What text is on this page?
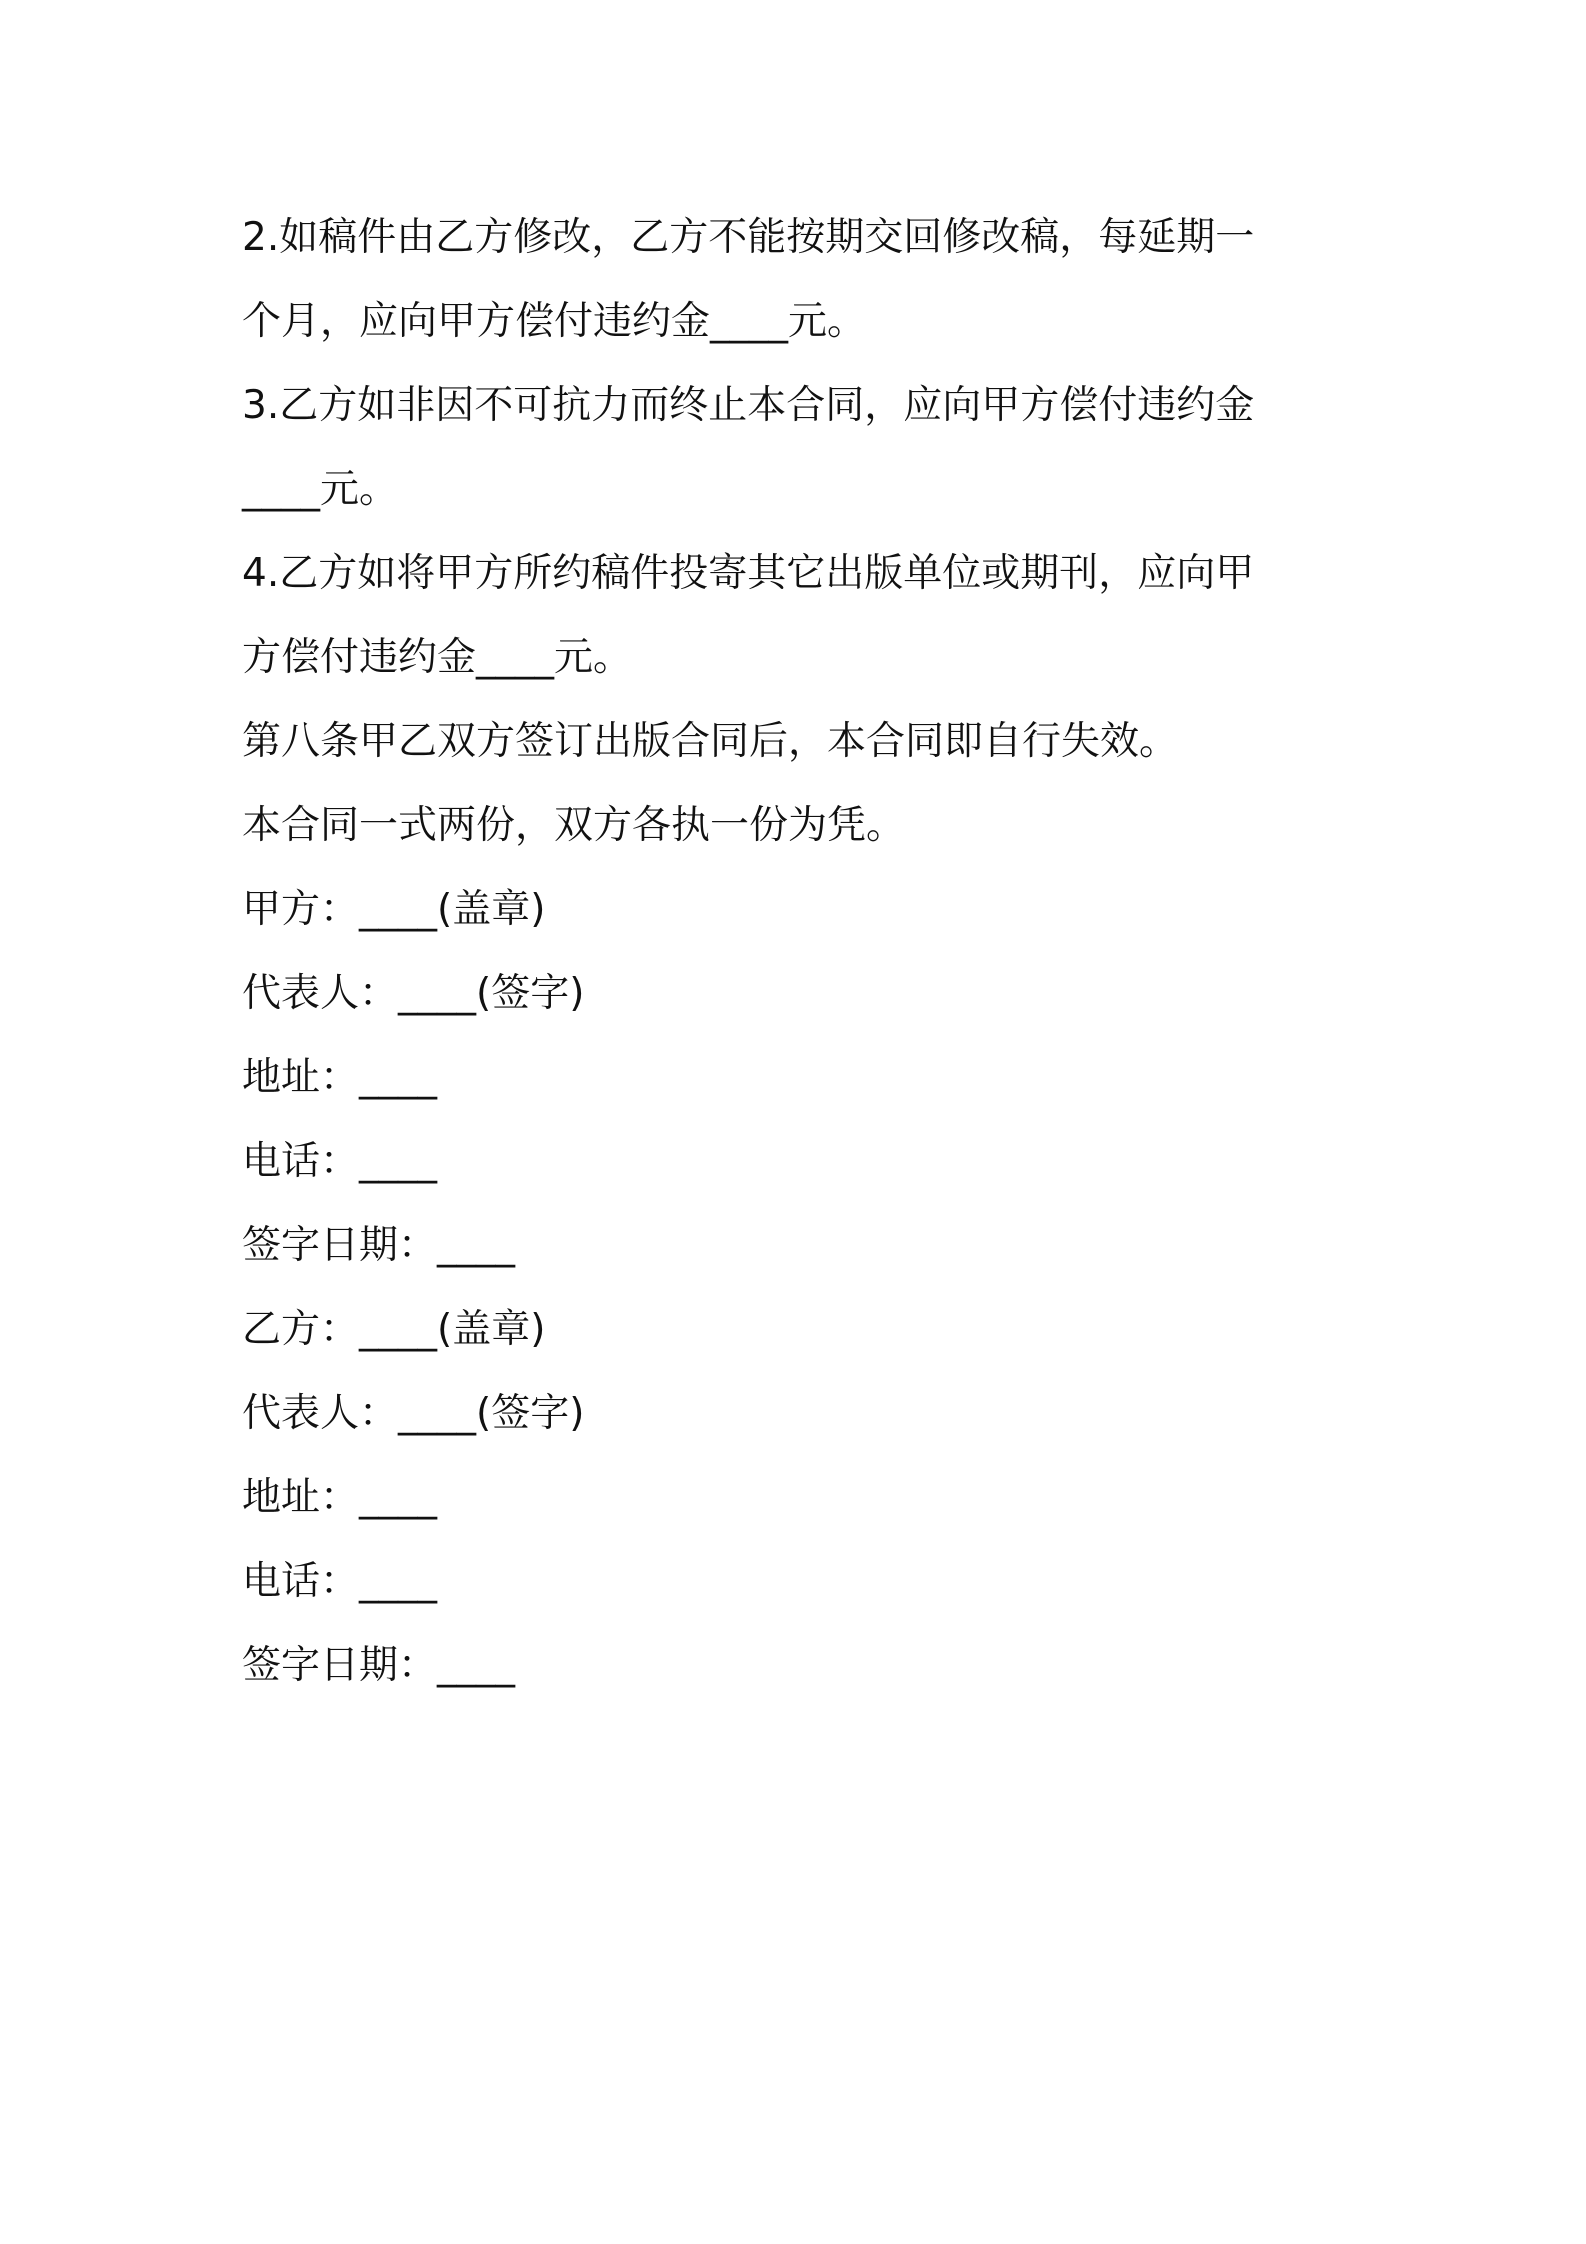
2.如稿件由乙方修改，乙方不能按期交回修改稿，每延期一

个月，应向甲方偿付违约金____元。

3.乙方如非因不可抗力而终止本合同，应向甲方偿付违约金

____元。

4.乙方如将甲方所约稿件投寄其它出版单位或期刊，应向甲

方偿付违约金____元。

第八条甲乙双方签订出版合同后，本合同即自行失效。

本合同一式两份，双方各执一份为凭。

甲方：____(盖章)

代表人：____(签字)

地址：____

电话：____

签字日期：____

乙方：____(盖章)

代表人：____(签字)

地址：____

电话：____

签字日期：____
